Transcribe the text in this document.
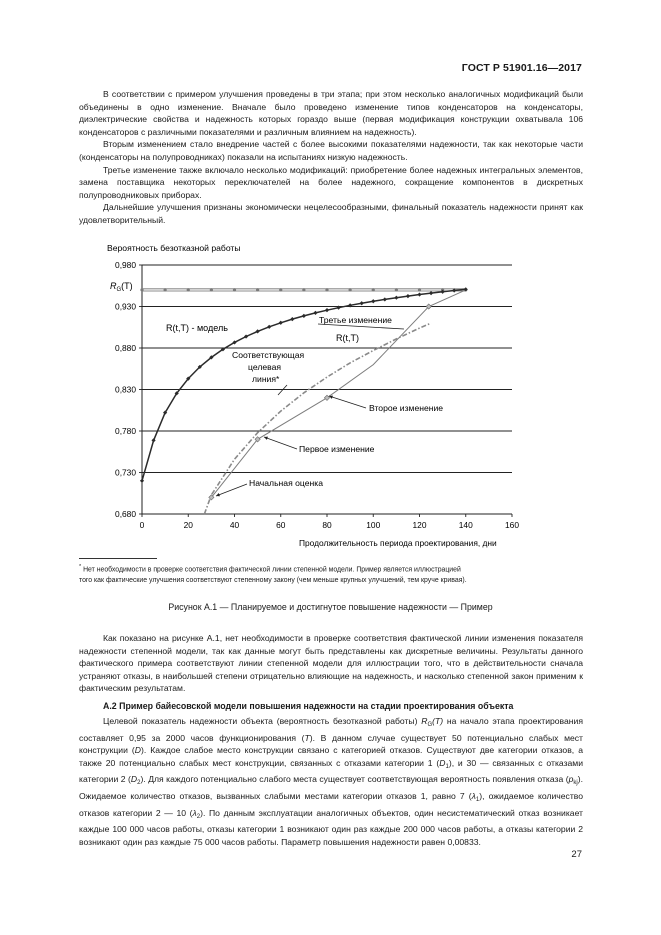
ГОСТ Р 51901.16—2017

В соответствии с примером улучшения проведены в три этапа; при этом несколько аналогичных модификаций были объединены в одно изменение. Вначале было проведено изменение типов конденсаторов на конденсаторы, диэлектрические свойства и надежность которых гораздо выше (первая модификация конструкции охватывала 106 конденсаторов с различными показателями и различным влиянием на надежность).

Вторым изменением стало внедрение частей с более высокими показателями надежности, так как некоторые части (конденсаторы на полупроводниках) показали на испытаниях низкую надежность.

Третье изменение также включало несколько модификаций: приобретение более надежных интегральных элементов, замена поставщика некоторых переключателей на более надежного, сокращение компонентов в дискретных полупроводниковых приборах.

Дальнейшие улучшения признаны экономически нецелесообразными, финальный показатель надежности принят как удовлетворительный.

Вероятность безотказной работы
Продолжительность периода проектирования, дни
0,680
0,730
0,780
0,830
0,880
0,930
0,980
0	20	40	60	80	100	120	140	160
$R_G(T)$
R(t,T) - модель
R(t,T)
Соответствующая
целевая
линия*
Третье изменение
Второе изменение
Первое изменение
Начальная оценка
* Нет необходимости в проверке соответствия фактической линии степенной модели. Пример является иллюстрацией
того как фактические улучшения соответствуют степенному закону (чем меньше крупных улучшений, тем круче кривая).
Рисунок А.1 — Планируемое и достигнутое повышение надежности — Пример

Как показано на рисунке А.1, нет необходимости в проверке соответствия фактической линии изменения показателя надежности степенной модели, так как данные могут быть представлены как дискретные величины. Результаты данного фактического примера соответствуют линии степенной модели для иллюстрации того, что в действительности сначала устраняют отказы, в наибольшей степени отрицательно влияющие на надежность, и насколько степенной закон применим к фактическим результатам.

А.2 Пример байесовской модели повышения надежности на стадии проектирования объекта

Целевой показатель надежности объекта (вероятность безотказной работы) $R_G(T)$ на начало этапа проектирования составляет 0,95 за 2000 часов функционирования (T). В данном случае существует 50 потенциально слабых мест конструкции (D). Каждое слабое место конструкции связано с категорией отказов. Существуют две категории отказов, а также 20 потенциально слабых мест конструкции, связанных с отказами категории 1 $(D_1)$, и 30 — связанных с отказами категории 2 $(D_2)$. Для каждого потенциально слабого места существует соответствующая вероятность появления отказа $(p_{kj})$. Ожидаемое количество отказов, вызванных слабыми местами категории отказов 1, равно 7 $(\lambda_1)$, ожидаемое количество отказов категории 2 — 10 $(\lambda_2)$. По данным эксплуатации аналогичных объектов, один несистематический отказ возникает каждые 100 000 часов работы, отказы категории 1 возникают один раз каждые 200 000 часов работы, а отказы категории 2 возникают один раз каждые 75 000 часов работы. Параметр повышения надежности равен 0,00833.

27
